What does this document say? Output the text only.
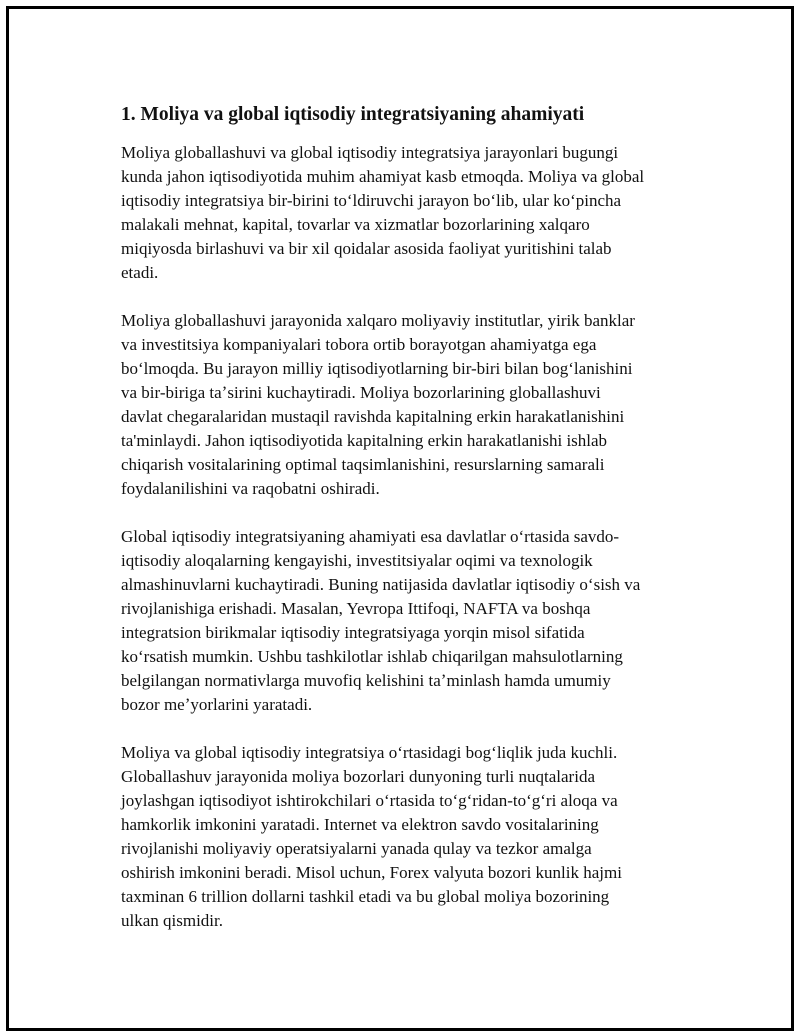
1. Moliya va global iqtisodiy integratsiyaning ahamiyati

Moliya globallashuvi va global iqtisodiy integratsiya jarayonlari bugungi
kunda jahon iqtisodiyotida muhim ahamiyat kasb etmoqda. Moliya va global
iqtisodiy integratsiya bir-birini toʻldiruvchi jarayon boʻlib, ular koʻpincha
malakali mehnat, kapital, tovarlar va xizmatlar bozorlarining xalqaro
miqiyosda birlashuvi va bir xil qoidalar asosida faoliyat yuritishini talab
etadi.

Moliya globallashuvi jarayonida xalqaro moliyaviy institutlar, yirik banklar
va investitsiya kompaniyalari tobora ortib borayotgan ahamiyatga ega
boʻlmoqda. Bu jarayon milliy iqtisodiyotlarning bir-biri bilan bogʻlanishini
va bir-biriga taʼsirini kuchaytiradi. Moliya bozorlarining globallashuvi
davlat chegaralaridan mustaqil ravishda kapitalning erkin harakatlanishini
ta'minlaydi. Jahon iqtisodiyotida kapitalning erkin harakatlanishi ishlab
chiqarish vositalarining optimal taqsimlanishini, resurslarning samarali
foydalanilishini va raqobatni oshiradi.

Global iqtisodiy integratsiyaning ahamiyati esa davlatlar oʻrtasida savdo-
iqtisodiy aloqalarning kengayishi, investitsiyalar oqimi va texnologik
almashinuvlarni kuchaytiradi. Buning natijasida davlatlar iqtisodiy oʻsish va
rivojlanishiga erishadi. Masalan, Yevropa Ittifoqi, NAFTA va boshqa
integratsion birikmalar iqtisodiy integratsiyaga yorqin misol sifatida
koʻrsatish mumkin. Ushbu tashkilotlar ishlab chiqarilgan mahsulotlarning
belgilangan normativlarga muvofiq kelishini taʼminlash hamda umumiy
bozor meʼyorlarini yaratadi.

Moliya va global iqtisodiy integratsiya oʻrtasidagi bogʻliqlik juda kuchli.
Globallashuv jarayonida moliya bozorlari dunyoning turli nuqtalarida
joylashgan iqtisodiyot ishtirokchilari oʻrtasida toʻgʻridan-toʻgʻri aloqa va
hamkorlik imkonini yaratadi. Internet va elektron savdo vositalarining
rivojlanishi moliyaviy operatsiyalarni yanada qulay va tezkor amalga
oshirish imkonini beradi. Misol uchun, Forex valyuta bozori kunlik hajmi
taxminan 6 trillion dollarni tashkil etadi va bu global moliya bozorining
ulkan qismidir.
